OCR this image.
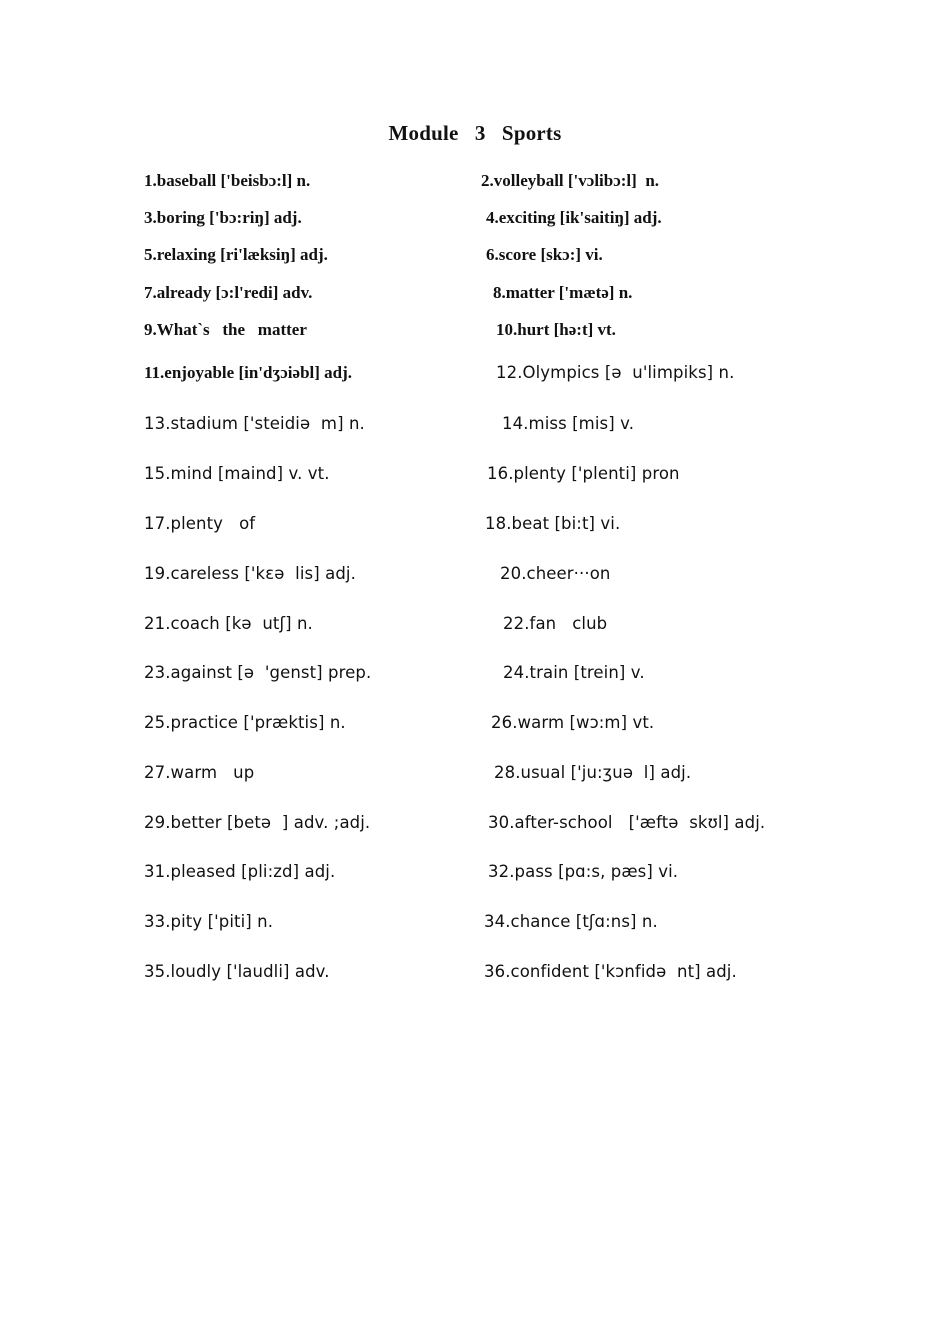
Module   3   Sports
1.baseball ['beisbɔ:l] n.	2.volleyball ['vɔlibɔ:l]  n.
3.boring ['bɔ:riŋ] adj.	4.exciting [ik'saitiŋ] adj.
5.relaxing [ri'læksiŋ] adj.	6.score [skɔ:] vi.
7.already [ɔ:l'redi] adv.	8.matter ['mætə] n.
9.What`s   the   matter	10.hurt [hə:t] vt.
11.enjoyable [in'dʒɔiəbl] adj.	12.Olympics [ə  u'limpiks] n.
13.stadium ['steidiə  m] n.	14.miss [mis] v.
15.mind [maind] v. vt.	16.plenty ['plenti] pron
17.plenty   of	18.beat [bi:t] vi.
19.careless ['kɛə  lis] adj.	20.cheer···on
21.coach [kə  utʃ] n.	22.fan   club
23.against [ə  'genst] prep.	24.train [trein] v.
25.practice ['præktis] n.	26.warm [wɔ:m] vt.
27.warm   up	28.usual ['ju:ʒuə  l] adj.
29.better [betə  ] adv. ;adj.	30.after-school   ['æftə  skʊl] adj.
31.pleased [pli:zd] adj.	32.pass [pɑ:s, pæs] vi.
33.pity ['piti] n.	34.chance [tʃɑ:ns] n.
35.loudly ['laudli] adv.	36.confident ['kɔnfidə  nt] adj.
